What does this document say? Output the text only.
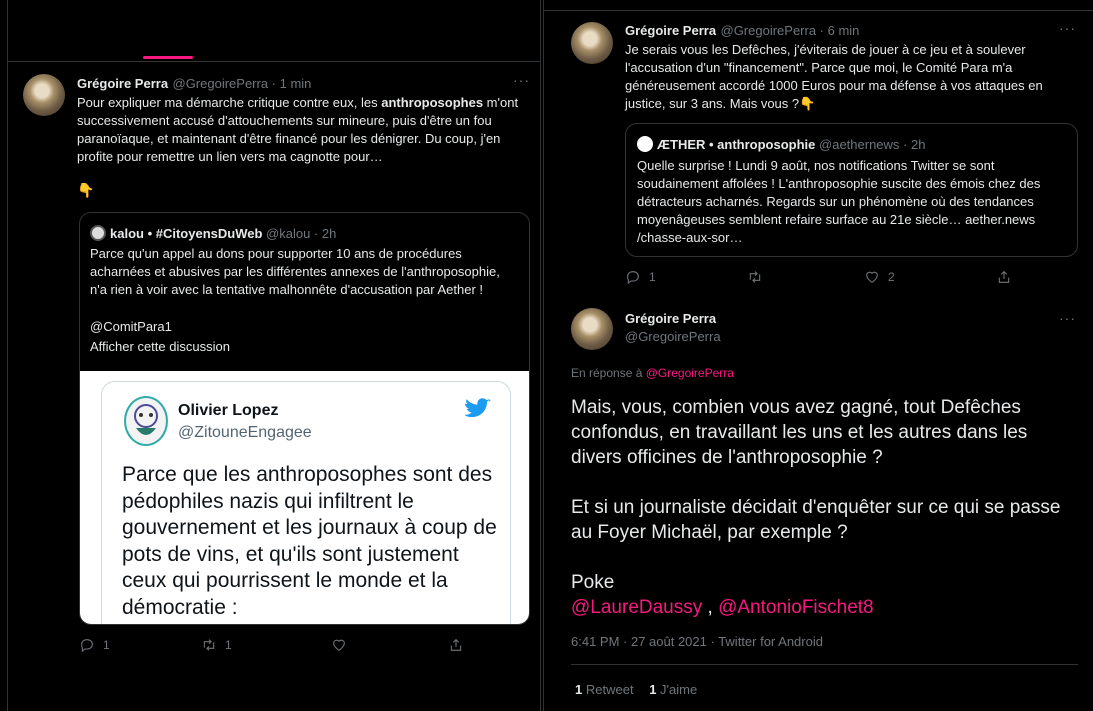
Grégoire Perra @GregoirePerra · 1 min	···
Pour expliquer ma démarche critique contre eux, les anthroposophes m'ont successivement accusé d'attouchements sur mineure, puis d'être un fou paranoïaque, et maintenant d'être financé pour les dénigrer. Du coup, j'en profite pour remettre un lien vers ma cagnotte pour…
👇
kalou • #CitoyensDuWeb @kalou · 2h
Parce qu'un appel au dons pour supporter 10 ans de procédures acharnées et abusives par les différentes annexes de l'anthroposophie, n'a rien à voir avec la tentative malhonnête d'accusation par Aether !
@ComitPara1
Afficher cette discussion
Olivier Lopez
@ZitouneEngagee
Parce que les anthroposophes sont des pédophiles nazis qui infiltrent le gouvernement et les journaux à coup de pots de vins, et qu'ils sont justement ceux qui pourrissent le monde et la démocratie :
1	1
Grégoire Perra @GregoirePerra · 6 min	···
Je serais vous les Defêches, j'éviterais de jouer à ce jeu et à soulever l'accusation d'un "financement". Parce que moi, le Comité Para m'a généreusement accordé 1000 Euros pour ma défense à vos attaques en justice, sur 3 ans. Mais vous ?👇
ÆTHER • anthroposophie @aethernews · 2h
Quelle surprise ! Lundi 9 août, nos notifications Twitter se sont soudainement affolées ! L'anthroposophie suscite des émois chez des détracteurs acharnés. Regards sur un phénomène où des tendances moyenâgeuses semblent refaire surface au 21e siècle… aether.news /chasse-aux-sor…
1	2
Grégoire Perra
@GregoirePerra
···
En réponse à @GregoirePerra
Mais, vous, combien vous avez gagné, tout Defêches confondus, en travaillant les uns et les autres dans les divers officines de l'anthroposophie ?
Et si un journaliste décidait d'enquêter sur ce qui se passe au Foyer Michaël, par exemple ?
Poke
@LaureDaussy , @AntonioFischet8
6:41 PM · 27 août 2021 · Twitter for Android
1 Retweet 1 J'aime
